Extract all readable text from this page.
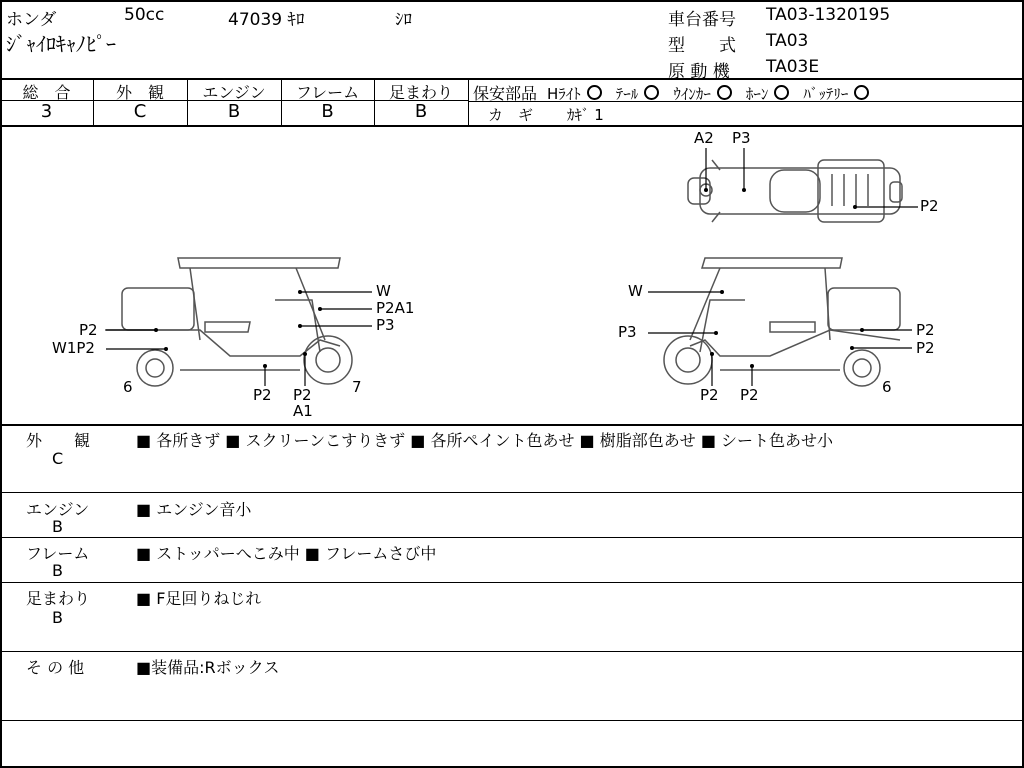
ホンダ	50cc	47039 ｷﾛ	ｼﾛ
ｼﾞｬｲﾛｷｬﾉﾋﾟｰ
車台番号 TA03-1320195
型　　式 TA03
原 動 機 TA03E
総　合	外　観	エンジン	フレーム	足まわり
3	C	B	B	B
保安部品 Hﾗｲﾄ ﾃｰﾙ ｳｲﾝｶｰ ﾎｰﾝ ﾊﾞｯﾃﾘｰ
カ　ギ ｶｷﾞ 1
A2 P3
P2
W
P2A1
P3
P2
W1P2
6	P2 P2
A1
7
W
P3	P2
P2
P2 P2	6
外　　観
C
■ 各所きず ■ スクリーンこすりきず ■ 各所ペイント色あせ ■ 樹脂部色あせ ■ シート色あせ小
エンジン
B
■ エンジン音小
フレーム
B
■ ストッパーへこみ中 ■ フレームさび中
足まわり
B
■ F足回りねじれ
そ の 他	■装備品:Rボックス
